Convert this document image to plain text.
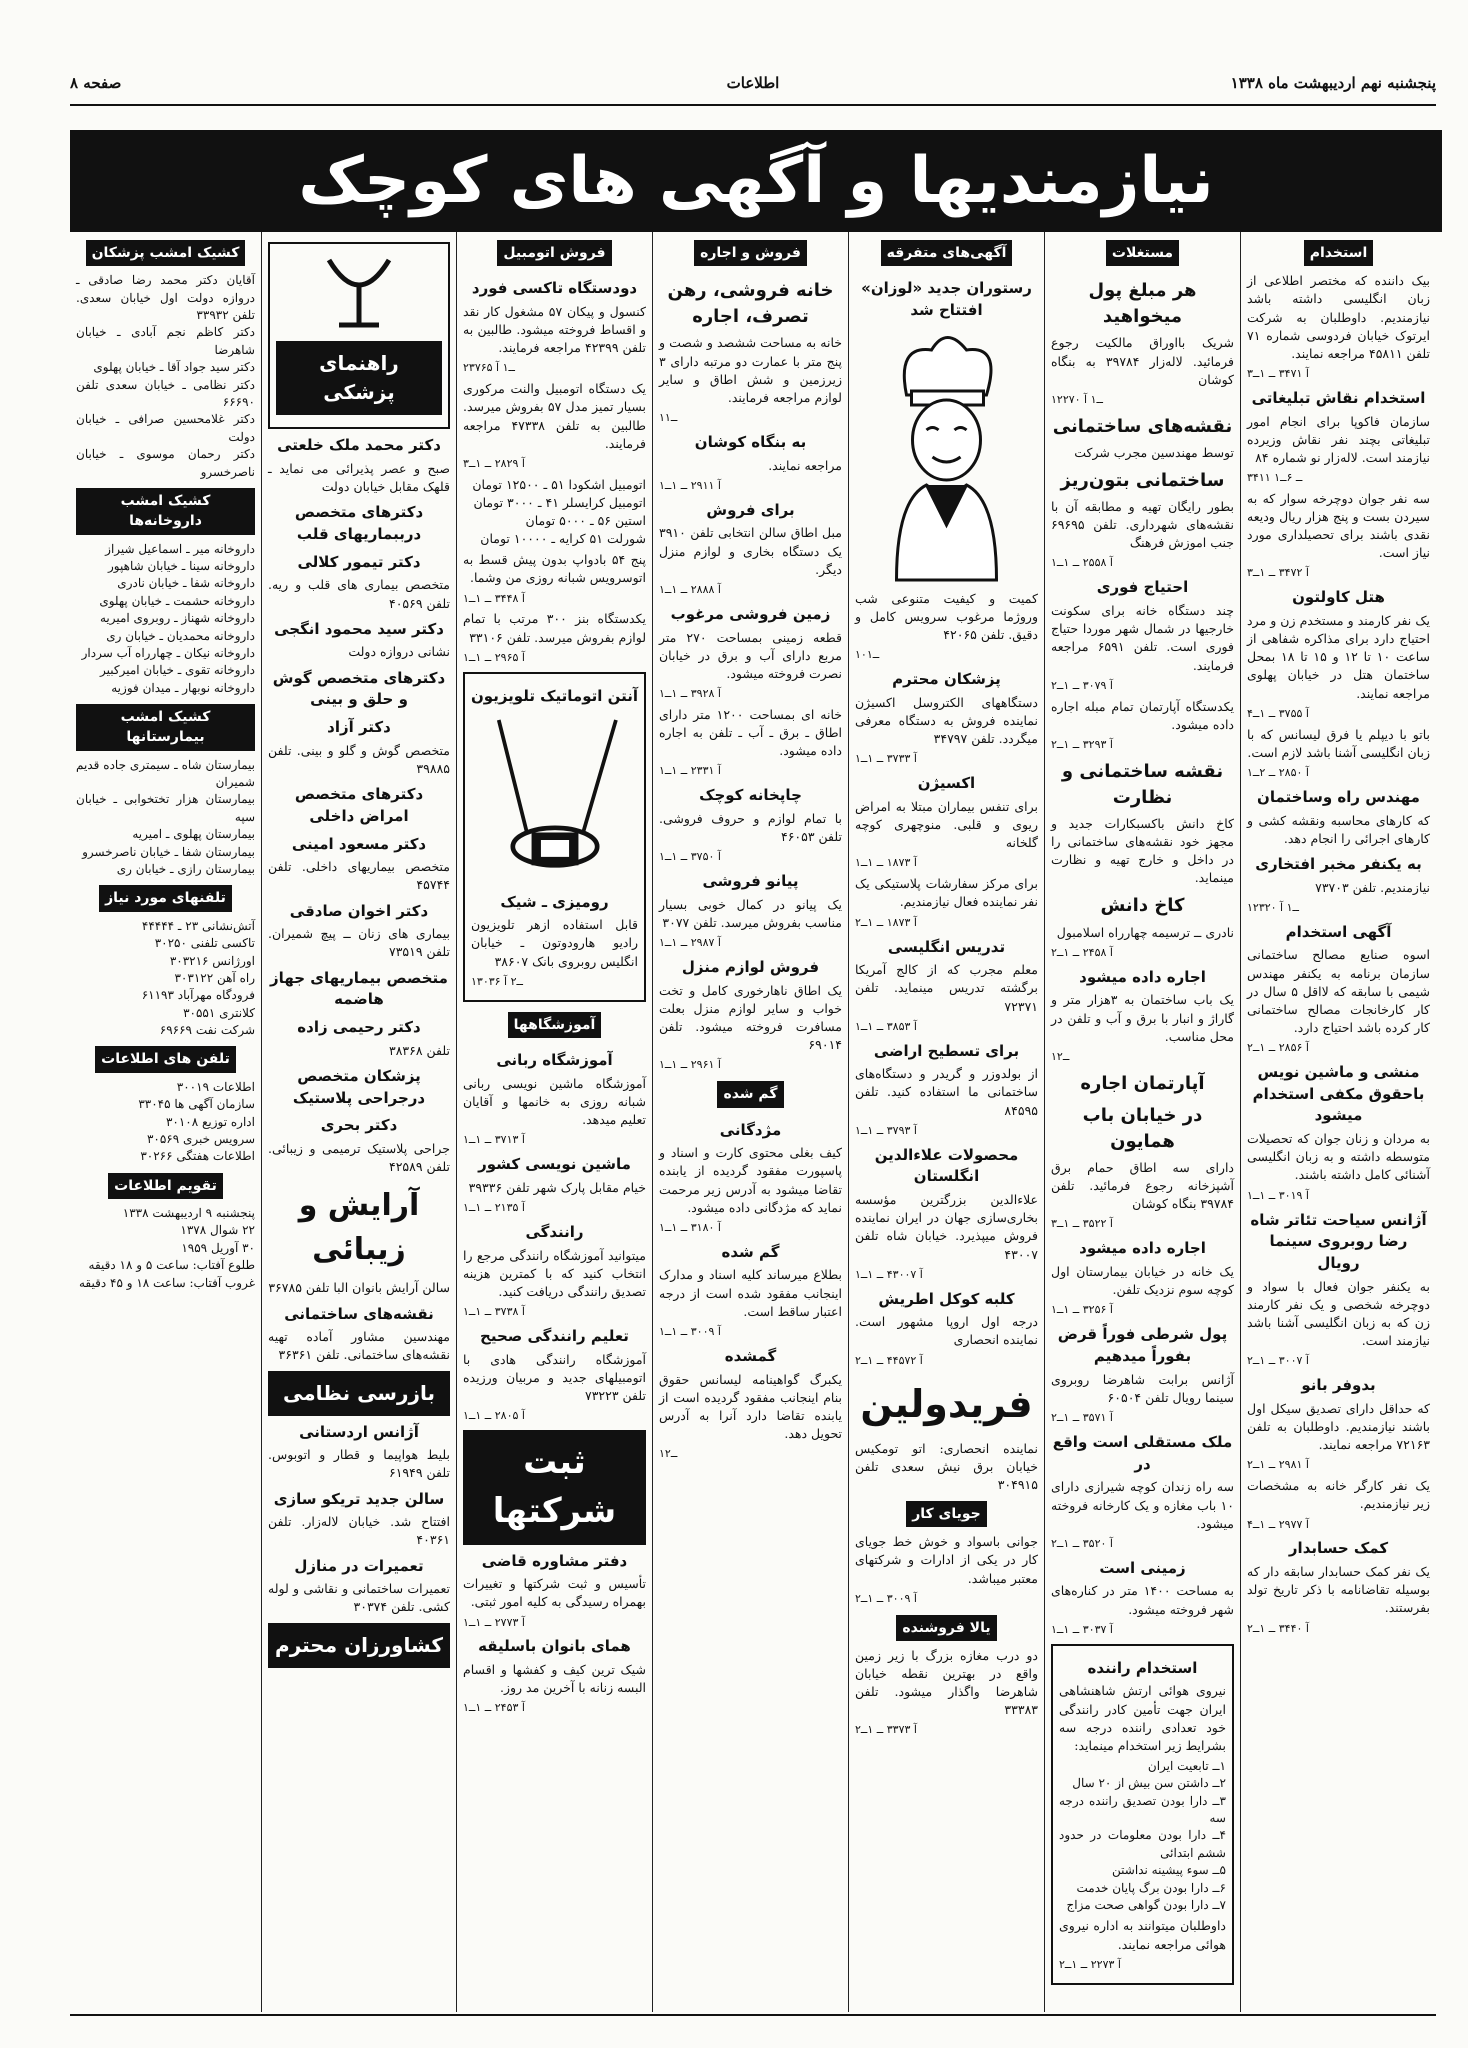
صفحه ۸	اطلاعات	پنجشنبه نهم اردیبهشت ماه ۱۳۳۸
نیازمندیها و آگهی های کوچک
استخدام

بیک داننده که مختصر اطلاعی از زبان انگلیسی داشته باشد نیازمندیم. داوطلبان به شرکت ایرتوک خیابان فردوسی شماره ۷۱ تلفن ۴۵۸۱۱ مراجعه نمایند.

آ ۳۴۷۱ ــ ۱ــ۳
استخدام نقاش تبلیغاتی

سازمان فاکوپا برای انجام امور تبلیغاتی بچند نفر نقاش وزیرده نیازمند است. لاله‌زار نو شماره ۸۴

۳۴۱۱ ــ ۶ــ۱

سه نفر جوان دوچرخه سوار که به سیردن بست و پنج هزار ریال ودیعه نقدی باشند برای تحصیلداری مورد نیاز است.

آ ۳۴۷۲ ــ ۱ــ۳
هتل کاولتون

یک نفر کارمند و مستخدم زن و مرد احتیاج دارد برای مذاکره شفاهی از ساعت ۱۰ تا ۱۲ و ۱۵ تا ۱۸ بمحل ساختمان هتل در خیابان پهلوی مراجعه نمایند.

آ ۳۷۵۵ ــ ۱ــ۴

باتو با دیپلم یا فرق لیسانس که با زبان انگلیسی آشنا باشد لازم است.

آ ۲۸۵۰ ــ ۲ــ۱
مهندس راه وساختمان

که کارهای محاسبه ونقشه کشی و کارهای اجرائی را انجام دهد.

به یکنفر مخبر افتخاری

نیازمندیم. تلفن ۷۳۷۰۳

۱ــ۱ آ ۲۳۲۰
آگهی استخدام

اسوه صنایع مصالح ساختمانی سازمان برنامه به یکنفر مهندس شیمی با سابقه که لااقل ۵ سال در کار کارخانجات مصالح ساختمانی کار کرده باشد احتیاج دارد.

آ ۲۸۵۶ ــ ۱ــ۲
منشی و ماشین نویس باحقوق مکفی استخدام میشود

به مردان و زنان جوان که تحصیلات متوسطه داشته و به زبان انگلیسی آشنائی کامل داشته باشند.

آ ۳۰۱۹ ــ ۱ــ۱
آژانس سیاحت تئاتر شاه رضا روبروی سینما رویال

به یکنفر جوان فعال با سواد و دوچرخه شخصی و یک نفر کارمند زن که به زبان انگلیسی آشنا باشد نیازمند است.

آ ۳۰۰۷ ــ ۱ــ۲
بدوفر بانو

که حداقل دارای تصدیق سیکل اول باشند نیازمندیم. داوطلبان به تلفن ۷۲۱۶۳ مراجعه نمایند.

آ ۲۹۸۱ ــ ۱ــ۲

یک نفر کارگر خانه به مشخصات زیر نیازمندیم.

آ ۲۹۷۷ ــ ۱ــ۴
کمک حسابدار

یک نفر کمک حسابدار سابقه دار که بوسیله تقاضانامه با ذکر تاریخ تولد بفرستند.

آ ۳۴۴۰ ــ ۱ــ۲
مستغلات
هر مبلغ پول میخواهید

شریک بااوراق مالکیت رجوع فرمائید. لاله‌زار ۳۹۷۸۴ به بنگاه کوشان

۱ــ۱ آ ۲۲۷۰
نقشه‌های ساختمانی

توسط مهندسین مجرب شرکت

ساختمانی بتون‌ریز

بطور رایگان تهیه و مطابقه آن با نقشه‌های شهرداری. تلفن ۶۹۶۹۵ جنب اموزش فرهنگ

آ ۲۵۵۸ ــ ۱ــ۱
احتیاج فوری

چند دستگاه خانه برای سکونت خارجیها در شمال شهر موردا حتیاج فوری است. تلفن ۶۵۹۱ مراجعه فرمایند.

آ ۳۰۷۹ ــ ۱ــ۲

یکدستگاه آپارتمان تمام مبله اجاره داده میشود.

آ ۳۲۹۳ ــ ۱ــ۲
نقشه ساختمانی و نظارت

کاخ دانش باکسبکارات جدید و مجهز خود نقشه‌های ساختمانی را در داخل و خارج تهیه و نظارت مینماید.

کاخ دانش

نادری ــ ترسیمه چهارراه اسلامبول

آ ۲۴۵۸ ــ ۱ــ۲
اجاره داده میشود

یک باب ساختمان به ۳هزار متر و گاراژ و انبار با برق و آب و تلفن در محل مناسب.

۱ــ۲
آپارتمان اجاره
در خیابان باب همایون

دارای سه اطاق حمام برق آشپزخانه رجوع فرمائید. تلفن ۳۹۷۸۴ بنگاه کوشان

آ ۳۵۲۲ ــ ۱ــ۳
اجاره داده میشود

یک خانه در خیابان بیمارستان اول کوچه سوم نزدیک تلفن.

آ ۳۲۵۶ ــ ۱ــ۱
پول شرطی فوراً قرض بفوراً میدهیم

آژانس برابت شاهرضا روبروی سینما رویال تلفن ۶۰۵۰۴

آ ۳۵۷۱ ــ ۱ــ۲
ملک مستقلی است واقع در

سه راه زندان کوچه شیرازی دارای ۱۰ باب مغازه و یک کارخانه فروخته میشود.

آ ۳۵۲۰ ــ ۱ــ۲
زمینی است

به مساحت ۱۴۰۰ متر در کناره‌های شهر فروخته میشود.

آ ۳۰۳۷ ــ ۱ــ۱
استخدام راننده

نیروی هوائی ارتش شاهنشاهی ایران جهت تأمین کادر رانندگی خود تعدادی راننده درجه سه بشرایط زیر استخدام مینماید:

۱ــ تابعیت ایران
۲ــ داشتن سن بیش از ۲۰ سال
۳ــ دارا بودن تصدیق راننده درجه سه
۴ــ دارا بودن معلومات در حدود ششم ابتدائی
۵ــ سوء پیشینه نداشتن
۶ــ دارا بودن برگ پایان خدمت
۷ــ دارا بودن گواهی صحت مزاج

داوطلبان میتوانند به اداره نیروی هوائی مراجعه نمایند.

آ ۲۲۷۳ ــ ۱ــ۲
آگهی‌های متفرقه
رستوران جدید «لوزان» افتتاح شد

کمیت و کیفیت متنوعی شب ورو‌ژما مرغوب سرویس کامل و دقیق. تلفن ۴۲۰۶۵

۱۰ــ۱
پزشکان محترم

دستگاههای الکتروسل اکسیژن نماینده فروش به دستگاه معرفی میگردد. تلفن ۳۴۷۹۷

آ ۳۷۳۳ ــ ۱ــ۱
اکسیژن

برای تنفس بیماران مبتلا به امراض ریوی و قلبی. منوچهری کوچه گلخانه

آ ۱۸۷۳ ــ ۱ــ۱

برای مرکز سفارشات پلاستیکی یک نفر نماینده فعال نیازمندیم.

آ ۱۸۷۳ ــ ۱ــ۲
تدریس انگلیسی

معلم مجرب که از کالج آمریکا برگشته تدریس مینماید. تلفن ۷۲۳۷۱

آ ۳۸۵۳ ــ ۱ــ۱
برای تسطیح اراضی

از بولدوزر و گریدر و دستگاه‌های ساختمانی ما استفاده کنید. تلفن ۸۴۵۹۵

آ ۳۷۹۳ ــ ۱ــ۱
محصولات علاءالدین انگلستان

علاءالدین بزرگترین مؤسسه بخاری‌سازی جهان در ایران نماینده فروش میپذیرد. خیابان شاه تلفن ۴۳۰۰۷

آ ۴۳۰۰۷ ــ ۱ــ۱
کلبه کوکل اطریش

درجه اول اروپا مشهور است. نماینده انحصاری

آ ۴۴۵۷۲ ــ ۱ــ۲
فریدولین

نماینده انحصاری: اتو تومکیس خیابان برق نیش سعدی تلفن ۳۰۴۹۱۵

جویای کار

جوانی باسواد و خوش خط جویای کار در یکی از ادارات و شرکتهای معتبر میباشد.

آ ۳۰۰۹ ــ ۱ــ۲
یالا فروشنده

دو درب مغازه بزرگ با زیر زمین واقع در بهترین نقطه خیابان شاهرضا واگذار میشود. تلفن ۳۳۳۸۳

آ ۳۳۷۳ ــ ۱ــ۲
فروش و اجاره
خانه فروشی، رهن تصرف، اجاره

خانه به مساحت ششصد و شصت و پنج متر با عمارت دو مرتبه دارای ۳ زیرزمین و شش اطاق و سایر لوازم مراجعه فرمایند.

۱ــ۱
به بنگاه کوشان

مراجعه نمایند.

آ ۲۹۱۱ ــ ۱ــ۱
برای فروش

مبل اطاق سالن انتخابی تلفن ۳۹۱۰ یک دستگاه بخاری و لوازم منزل دیگر.

آ ۲۸۸۸ ــ ۱ــ۱
زمین فروشی مرغوب

قطعه زمینی بمساحت ۲۷۰ متر مربع دارای آب و برق در خیابان نصرت فروخته میشود.

آ ۳۹۲۸ ــ ۱ــ۱

خانه ای بمساحت ۱۲۰۰ متر دارای اطاق ـ برق ـ آب ـ تلفن به اجاره داده میشود.

آ ۲۳۳۱ ــ ۱ــ۱
چاپخانه کوچک

با تمام لوازم و حروف فروشی. تلفن ۴۶۰۵۳

آ ۳۷۵۰ ــ ۱ــ۱
پیانو فروشی

یک پیانو در کمال خوبی بسیار مناسب بفروش میرسد. تلفن ۳۰۷۷

آ ۲۹۸۷ ــ ۱ــ۱
فروش لوازم منزل

یک اطاق ناهارخوری کامل و تخت خواب و سایر لوازم منزل بعلت مسافرت فروخته میشود. تلفن ۶۹۰۱۴

آ ۲۹۶۱ ــ ۱ــ۱
گم شده
مژدگانی

کیف بغلی محتوی کارت و اسناد و پاسپورت مفقود گردیده از یابنده تقاضا میشود به آدرس زیر مرحمت نماید که مژدگانی داده میشود.

آ ۳۱۸۰ ــ ۱ــ۱
گم شده

بطلاع میرساند کلیه اسناد و مدارک اینجانب مفقود شده است از درجه اعتبار ساقط است.

آ ۳۰۰۹ ــ ۱ــ۱
گمشده

یکبرگ گواهینامه لیسانس حقوق بنام اینجانب مفقود گردیده است از یابنده تقاضا دارد آنرا به آدرس تحویل دهد.

۱ــ۲
فروش اتومبیل
دودستگاه تاکسی فورد

کنسول و پیکان ۵۷ مشغول کار نقد و اقساط فروخته میشود. طالبین به تلفن ۴۲۳۹۹ مراجعه فرمایند.

۲ــ۱ آ ۳۷۶۵

یک دستگاه اتومبیل والنت مرکوری بسیار تمیز مدل ۵۷ بفروش میرسد. طالبین به تلفن ۴۷۳۳۸ مراجعه فرمایند.

آ ۲۸۲۹ ــ ۱ــ۳

اتومبیل اشکودا ۵۱ ـ ۱۲۵۰۰ تومان
اتومبیل کرایسلر ۴۱ ـ ۳۰۰۰ تومان
استین ۵۶ ـ ۵۰۰۰ تومان
شورلت ۵۱ کرایه ـ ۱۰۰۰۰ تومان

پنج ۵۴ بادواپ بدون پیش قسط به اتوسرویس شبانه روزی من وشما.

آ ۳۴۴۸ ــ ۱ــ۱

یکدستگاه بنز ۳۰۰ مرتب با تمام لوازم بفروش میرسد. تلفن ۳۳۱۰۶

آ ۲۹۶۵ ــ ۱ــ۱
آنتن اتوماتیک تلویزیون
رومیزی ـ شیک

قابل استفاده ازهر تلویزیون رادیو هارودوتون ـ خیابان انگلیس روبروی بانک ۳۸۶۰۷

۱ــ۲ آ ۳۰۳۶
آموزشگاهها
آموزشگاه ربانی

آموزشگاه ماشین نویسی ربانی شبانه روزی به خانمها و آقایان تعلیم میدهد.

آ ۳۷۱۳ ــ ۱ــ۱
ماشین نویسی کشور

خیام مقابل پارک شهر تلفن ۳۹۳۳۶

آ ۲۱۳۵ ــ ۱ــ۱
رانندگی

میتوانید آموزشگاه رانندگی مرجع را انتخاب کنید که با کمترین هزینه تصدیق رانندگی دریافت کنید.

آ ۳۷۳۸ ــ ۱ــ۱
تعلیم رانندگی صحیح

آموزشگاه رانندگی هادی با اتومبیلهای جدید و مربیان ورزیده تلفن ۷۳۲۲۳

آ ۲۸۰۵ ــ ۱ــ۱
ثبت شرکتها
دفتر مشاوره قاضی

تأسیس و ثبت شرکتها و تغییرات بهمراه رسیدگی به کلیه امور ثبتی.

آ ۲۷۷۳ ــ ۱ــ۱
همای بانوان باسلیقه

شیک ترین کیف و کفشها و اقسام البسه زنانه با آخرین مد روز.

آ ۲۴۵۳ ــ ۱ــ۱
راهنمای پزشکی
دکتر محمد ملک خلعتی

صبح و عصر پذیرائی می نماید ـ قلهک مقابل خیابان دولت

دکترهای متخصص درببماریهای قلب
دکتر تیمور کلالی

متخصص بیماری های قلب و ریه. تلفن ۴۰۵۶۹

دکتر سید محمود انگجی

نشانی دروازه دولت

دکترهای متخصص گوش و حلق و بینی
دکتر آزاد

متخصص گوش و گلو و بینی. تلفن ۳۹۸۸۵

دکترهای متخصص امراض داخلی
دکتر مسعود امینی

متخصص بیماریهای داخلی. تلفن ۴۵۷۴۴

دکتر اخوان صادقی

بیماری های زنان ــ پیچ شمیران. تلفن ۷۳۵۱۹

متخصص بیماریهای جهاز هاضمه
دکتر رحیمی زاده

تلفن ۳۸۳۶۸

پزشکان متخصص درجراحی پلاستیک
دکتر بحری

جراحی پلاستیک ترمیمی و زیبائی. تلفن ۴۲۵۸۹

آرایش و زیبائی

سالن آرایش بانوان البا تلفن ۳۶۷۸۵

نقشه‌های ساختمانی

مهندسین مشاور آماده تهیه نقشه‌های ساختمانی. تلفن ۳۶۳۶۱

بازرسی نظامی
آژانس اردستانی

بلیط هواپیما و قطار و اتوبوس. تلفن ۶۱۹۴۹

سالن جدید تریکو سازی

افتتاح شد. خیابان لاله‌زار. تلفن ۴۰۳۶۱

تعمیرات در منازل

تعمیرات ساختمانی و نقاشی و لوله کشی. تلفن ۳۰۳۷۴

کشاورزان محترم
کشیک امشب پزشکان

آقایان دکتر محمد رضا صادقی ـ دروازه دولت اول خیابان سعدی. تلفن ۳۳۹۳۲
دکتر کاظم نجم آبادی ـ خیابان شاهرضا
دکتر سید جواد آقا ـ خیابان پهلوی
دکتر نظامی ـ خیابان سعدی تلفن ۶۶۶۹۰
دکتر غلامحسین صرافی ـ خیابان دولت
دکتر رحمان موسوی ـ خیابان ناصرخسرو

کشیک امشب داروخانه‌ها

داروخانه میر ـ اسماعیل شیراز
داروخانه سینا ـ خیابان شاهپور
داروخانه شفا ـ خیابان نادری
داروخانه حشمت ـ خیابان پهلوی
داروخانه شهناز ـ روبروی امیریه
داروخانه محمدیان ـ خیابان ری
داروخانه نیکان ـ چهارراه آب سردار
داروخانه تقوی ـ خیابان امیرکبیر
داروخانه نوبهار ـ میدان فوزیه

کشیک امشب بیمارستانها

بیمارستان شاه ـ سیمتری جاده قدیم شمیران
بیمارستان هزار تختخوابی ـ خیابان سپه
بیمارستان پهلوی ـ امیریه
بیمارستان شفا ـ خیابان ناصرخسرو
بیمارستان رازی ـ خیابان ری

تلفنهای مورد نیاز

آتش‌نشانی ۲۳ ـ ۴۴۴۴۴
تاکسی تلفنی ۳۰۲۵۰
اورژانس ۳۰۳۲۱۶
راه آهن ۳۰۳۱۲۲
فرودگاه مهرآباد ۶۱۱۹۳
کلانتری ۳۰۵۵۱
شرکت نفت ۶۹۶۶۹

تلفن های اطلاعات

اطلاعات ۳۰۰۱۹
سازمان آگهی ها ۳۳۰۴۵
اداره توزیع ۳۰۱۰۸
سرویس خبری ۳۰۵۶۹
اطلاعات هفتگی ۳۰۲۶۶

تقویم اطلاعات

پنجشنبه ۹ اردیبهشت ۱۳۳۸
۲۲ شوال ۱۳۷۸
۳۰ آوریل ۱۹۵۹
طلوع آفتاب: ساعت ۵ و ۱۸ دقیقه
غروب آفتاب: ساعت ۱۸ و ۴۵ دقیقه
